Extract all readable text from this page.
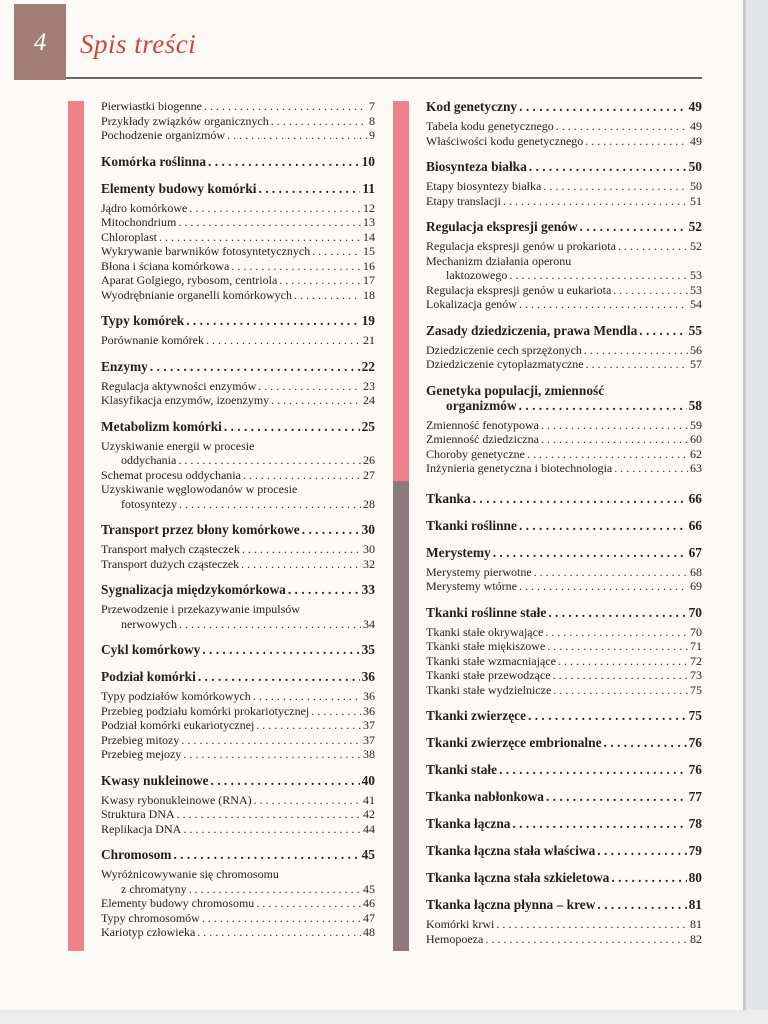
4	Spis treści
Pierwiastki biogenne . . .	7
Przykłady związków organicznych . . .	8
Pochodzenie organizmów . . .	9
Komórka roślinna . . .	10
Elementy budowy komórki . . .	11
Jądro komórkowe . . .	12
Mitochondrium . . .	13
Chloroplast . . .	14
Wykrywanie barwników fotosyntetycznych . . .	15
Błona i ściana komórkowa . . .	16
Aparat Golgiego, rybosom, centriola . . .	17
Wyodrębnianie organelli komórkowych . . .	18
Typy komórek . . .	19
Porównanie komórek . . .	21
Enzymy . . .	22
Regulacja aktywności enzymów . . .	23
Klasyfikacja enzymów, izoenzymy . . .	24
Metabolizm komórki . . .	25
Uzyskiwanie energii w procesie
oddychania . . .	26
Schemat procesu oddychania . . .	27
Uzyskiwanie węglowodanów w procesie
fotosyntezy . . .	28
Transport przez błony komórkowe . . .	30
Transport małych cząsteczek . . .	30
Transport dużych cząsteczek . . .	32
Sygnalizacja międzykomórkowa . . .	33
Przewodzenie i przekazywanie impulsów
nerwowych . . .	34
Cykl komórkowy . . .	35
Podział komórki . . .	36
Typy podziałów komórkowych . . .	36
Przebieg podziału komórki prokariotycznej . . .	36
Podział komórki eukariotycznej . . .	37
Przebieg mitozy . . .	37
Przebieg mejozy . . .	38
Kwasy nukleinowe . . .	40
Kwasy rybonukleinowe (RNA) . . .	41
Struktura DNA . . .	42
Replikacja DNA . . .	44
Chromosom . . .	45
Wyróżnicowywanie się chromosomu
z chromatyny . . .	45
Elementy budowy chromosomu . . .	46
Typy chromosomów . . .	47
Kariotyp człowieka . . .	48
Kod genetyczny . . .	49
Tabela kodu genetycznego . . .	49
Właściwości kodu genetycznego . . .	49
Biosynteza białka . . .	50
Etapy biosyntezy białka . . .	50
Etapy translacji . . .	51
Regulacja ekspresji genów . . .	52
Regulacja ekspresji genów u prokariota . . .	52
Mechanizm działania operonu
laktozowego . . .	53
Regulacja ekspresji genów u eukariota . . .	53
Lokalizacja genów . . .	54
Zasady dziedziczenia, prawa Mendla . . .	55
Dziedziczenie cech sprzężonych . . .	56
Dziedziczenie cytoplazmatyczne . . .	57
Genetyka populacji, zmienność
organizmów . . .	58
Zmienność fenotypowa . . .	59
Zmienność dziedziczna . . .	60
Choroby genetyczne . . .	62
Inżynieria genetyczna i biotechnologia . . .	63
Tkanka . . .	66
Tkanki roślinne . . .	66
Merystemy . . .	67
Merystemy pierwotne . . .	68
Merystemy wtórne . . .	69
Tkanki roślinne stałe . . .	70
Tkanki stałe okrywające . . .	70
Tkanki stałe miękiszowe . . .	71
Tkanki stałe wzmacniające . . .	72
Tkanki stałe przewodzące . . .	73
Tkanki stałe wydzielnicze . . .	75
Tkanki zwierzęce . . .	75
Tkanki zwierzęce embrionalne . . .	76
Tkanki stałe . . .	76
Tkanka nabłonkowa . . .	77
Tkanka łączna . . .	78
Tkanka łączna stała właściwa . . .	79
Tkanka łączna stała szkieletowa . . .	80
Tkanka łączna płynna – krew . . .	81
Komórki krwi . . .	81
Hemopoeza . . .	82
